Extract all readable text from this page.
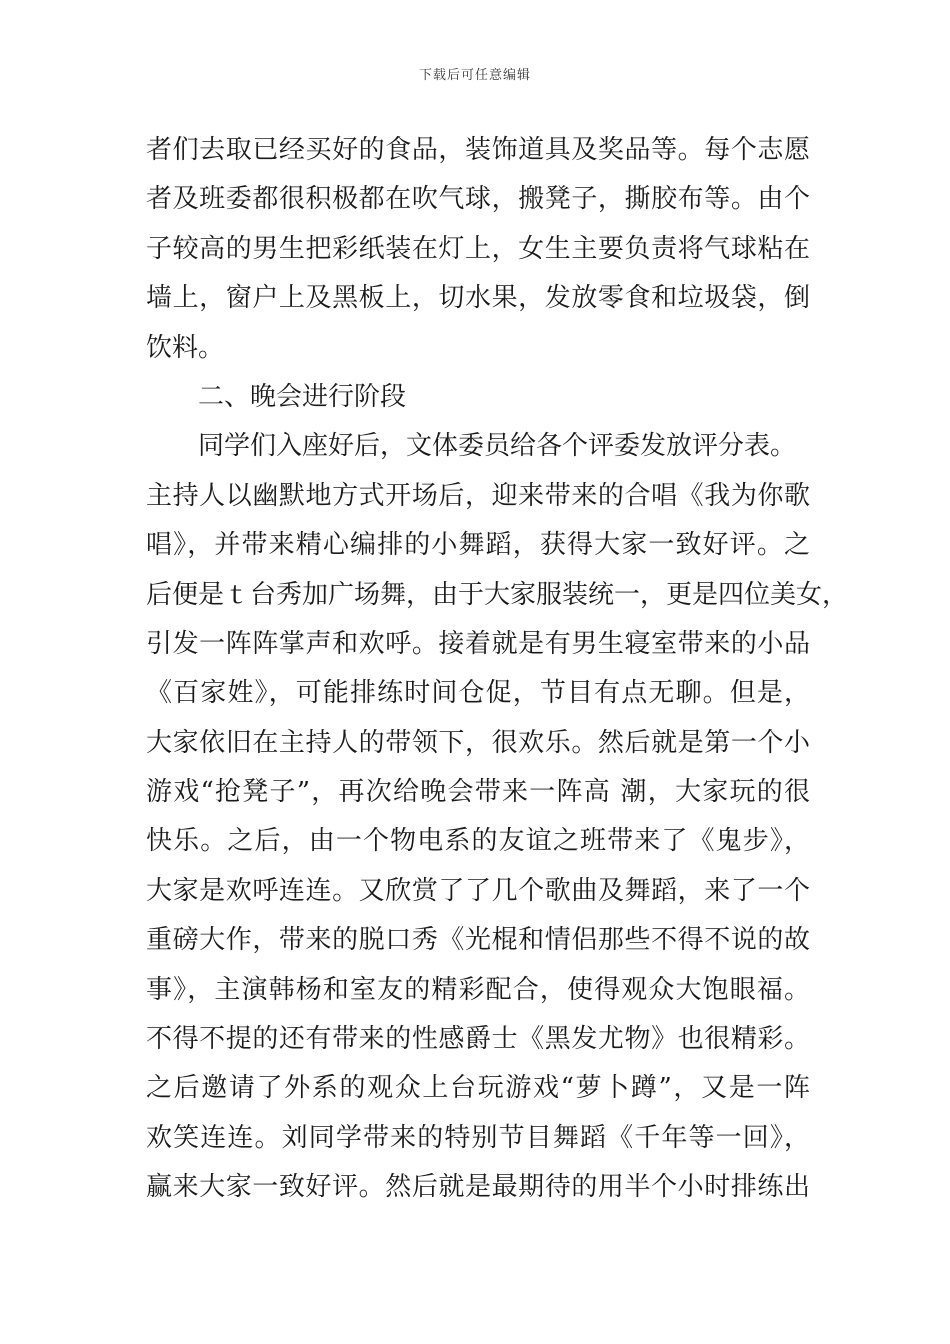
下载后可任意编辑
者们去取已经买好的食品，装饰道具及奖品等。每个志愿
者及班委都很积极都在吹气球，搬凳子，撕胶布等。由个
子较高的男生把彩纸装在灯上，女生主要负责将气球粘在
墙上，窗户上及黑板上，切水果，发放零食和垃圾袋，倒
饮料。
二、晚会进行阶段
同学们入座好后，文体委员给各个评委发放评分表。
主持人以幽默地方式开场后，迎来带来的合唱《我为你歌
唱》，并带来精心编排的小舞蹈，获得大家一致好评。之
后便是ｔ台秀加广场舞，由于大家服装统一，更是四位美女，
引发一阵阵掌声和欢呼。接着就是有男生寝室带来的小品
《百家姓》，可能排练时间仓促，节目有点无聊。但是，
大家依旧在主持人的带领下，很欢乐。然后就是第一个小
游戏“抢凳子”，再次给晚会带来一阵高 潮，大家玩的很
快乐。之后，由一个物电系的友谊之班带来了《鬼步》，
大家是欢呼连连。又欣赏了了几个歌曲及舞蹈，来了一个
重磅大作，带来的脱口秀《光棍和情侣那些不得不说的故
事》，主演韩杨和室友的精彩配合，使得观众大饱眼福。
不得不提的还有带来的性感爵士《黑发尤物》也很精彩。
之后邀请了外系的观众上台玩游戏“萝卜蹲”，又是一阵
欢笑连连。刘同学带来的特别节目舞蹈《千年等一回》，
赢来大家一致好评。然后就是最期待的用半个小时排练出
